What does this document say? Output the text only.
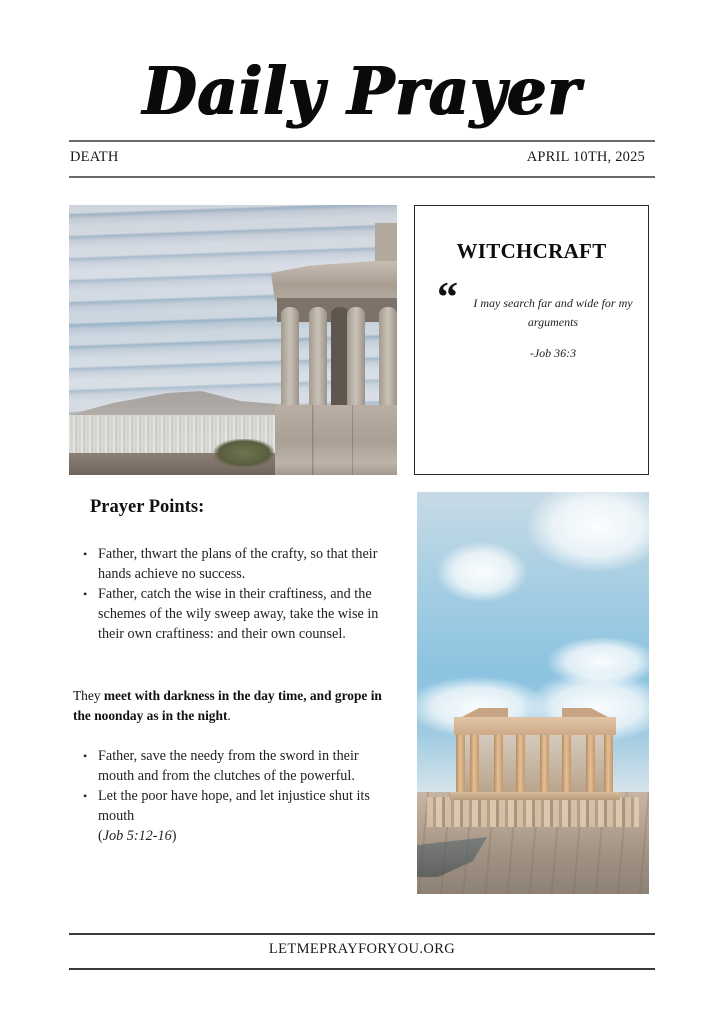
Daily Prayer
DEATH	APRIL 10TH, 2025
WITCHCRAFT
“ I may search far and wide for my arguments
-Job 36:3
Prayer Points:
• Father, thwart the plans of the crafty, so that their hands achieve no success.
• Father, catch the wise in their craftiness, and the schemes of the wily sweep away, take the wise in their own craftiness: and their own counsel.
They meet with darkness in the day time, and grope in the noonday as in the night.
• Father, save the needy from the sword in their mouth and from the clutches of the powerful.
• Let the poor have hope, and let injustice shut its mouth
(Job 5:12-16)
LETMEPRAYFORYOU.ORG
